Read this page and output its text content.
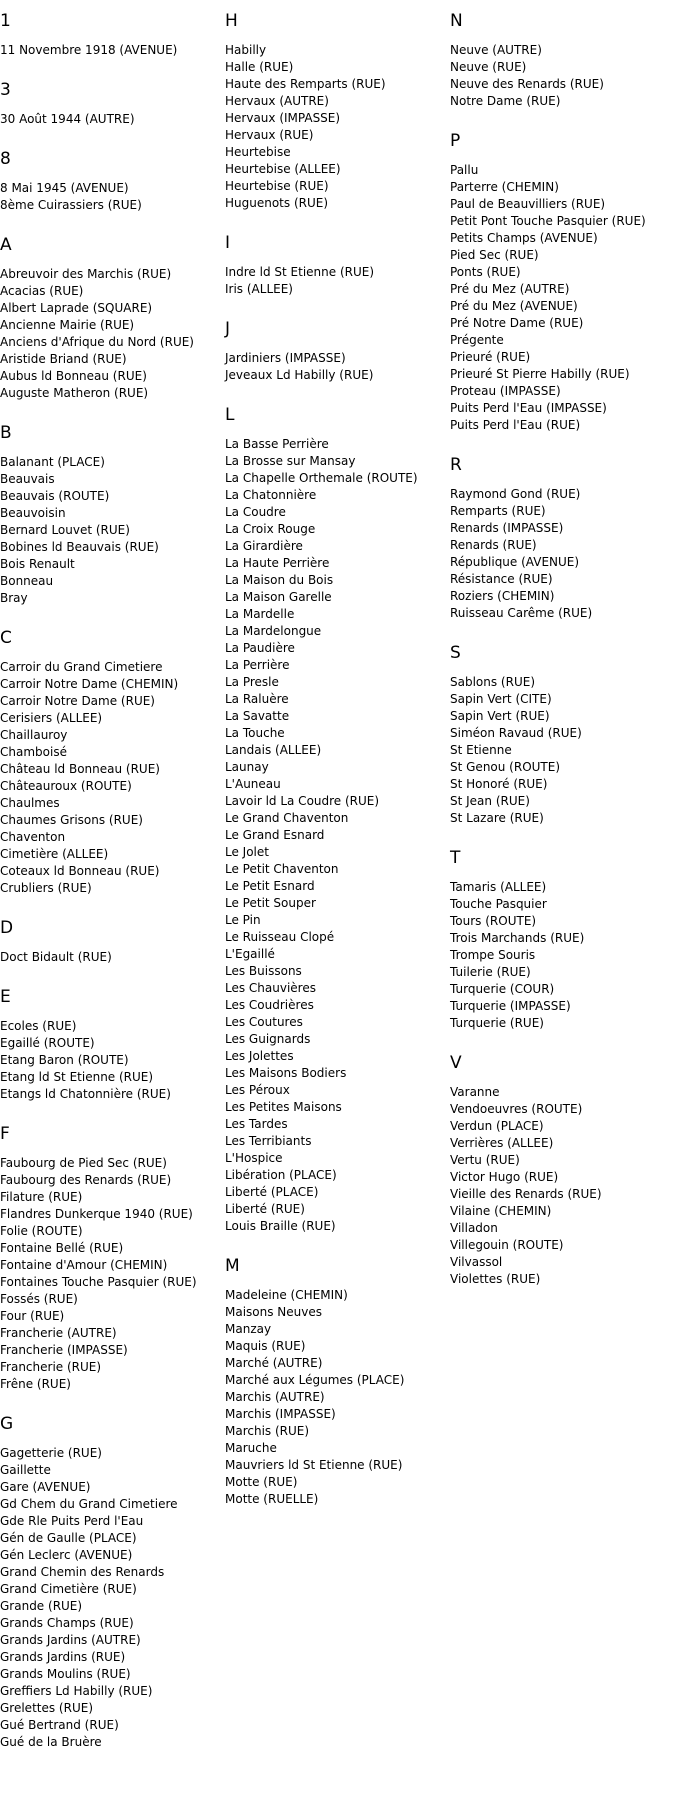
1
11 Novembre 1918 (AVENUE)
3
30 Août 1944 (AUTRE)
8
8 Mai 1945 (AVENUE)
8ème Cuirassiers (RUE)
A
Abreuvoir des Marchis (RUE)
Acacias (RUE)
Albert Laprade (SQUARE)
Ancienne Mairie (RUE)
Anciens d'Afrique du Nord (RUE)
Aristide Briand (RUE)
Aubus ld Bonneau (RUE)
Auguste Matheron (RUE)
B
Balanant (PLACE)
Beauvais
Beauvais (ROUTE)
Beauvoisin
Bernard Louvet (RUE)
Bobines ld Beauvais (RUE)
Bois Renault
Bonneau
Bray
C
Carroir du Grand Cimetiere
Carroir Notre Dame (CHEMIN)
Carroir Notre Dame (RUE)
Cerisiers (ALLEE)
Chaillauroy
Chamboisé
Château ld Bonneau (RUE)
Châteauroux (ROUTE)
Chaulmes
Chaumes Grisons (RUE)
Chaventon
Cimetière (ALLEE)
Coteaux ld Bonneau (RUE)
Crubliers (RUE)
D
Doct Bidault (RUE)
E
Ecoles (RUE)
Egaillé (ROUTE)
Etang Baron (ROUTE)
Etang ld St Etienne (RUE)
Etangs ld Chatonnière (RUE)
F
Faubourg de Pied Sec (RUE)
Faubourg des Renards (RUE)
Filature (RUE)
Flandres Dunkerque 1940 (RUE)
Folie (ROUTE)
Fontaine Bellé (RUE)
Fontaine d'Amour (CHEMIN)
Fontaines Touche Pasquier (RUE)
Fossés (RUE)
Four (RUE)
Francherie (AUTRE)
Francherie (IMPASSE)
Francherie (RUE)
Frêne (RUE)
G
Gagetterie (RUE)
Gaillette
Gare (AVENUE)
Gd Chem du Grand Cimetiere
Gde Rle Puits Perd l'Eau
Gén de Gaulle (PLACE)
Gén Leclerc (AVENUE)
Grand Chemin des Renards
Grand Cimetière (RUE)
Grande (RUE)
Grands Champs (RUE)
Grands Jardins (AUTRE)
Grands Jardins (RUE)
Grands Moulins (RUE)
Greffiers Ld Habilly (RUE)
Grelettes (RUE)
Gué Bertrand (RUE)
Gué de la Bruère
H
Habilly
Halle (RUE)
Haute des Remparts (RUE)
Hervaux (AUTRE)
Hervaux (IMPASSE)
Hervaux (RUE)
Heurtebise
Heurtebise (ALLEE)
Heurtebise (RUE)
Huguenots (RUE)
I
Indre ld St Etienne (RUE)
Iris (ALLEE)
J
Jardiniers (IMPASSE)
Jeveaux Ld Habilly (RUE)
L
La Basse Perrière
La Brosse sur Mansay
La Chapelle Orthemale (ROUTE)
La Chatonnière
La Coudre
La Croix Rouge
La Girardière
La Haute Perrière
La Maison du Bois
La Maison Garelle
La Mardelle
La Mardelongue
La Paudière
La Perrière
La Presle
La Raluère
La Savatte
La Touche
Landais (ALLEE)
Launay
L'Auneau
Lavoir ld La Coudre (RUE)
Le Grand Chaventon
Le Grand Esnard
Le Jolet
Le Petit Chaventon
Le Petit Esnard
Le Petit Souper
Le Pin
Le Ruisseau Clopé
L'Egaillé
Les Buissons
Les Chauvières
Les Coudrières
Les Coutures
Les Guignards
Les Jolettes
Les Maisons Bodiers
Les Péroux
Les Petites Maisons
Les Tardes
Les Terribiants
L'Hospice
Libération (PLACE)
Liberté (PLACE)
Liberté (RUE)
Louis Braille (RUE)
M
Madeleine (CHEMIN)
Maisons Neuves
Manzay
Maquis (RUE)
Marché (AUTRE)
Marché aux Légumes (PLACE)
Marchis (AUTRE)
Marchis (IMPASSE)
Marchis (RUE)
Maruche
Mauvriers ld St Etienne (RUE)
Motte (RUE)
Motte (RUELLE)
N
Neuve (AUTRE)
Neuve (RUE)
Neuve des Renards (RUE)
Notre Dame (RUE)
P
Pallu
Parterre (CHEMIN)
Paul de Beauvilliers (RUE)
Petit Pont Touche Pasquier (RUE)
Petits Champs (AVENUE)
Pied Sec (RUE)
Ponts (RUE)
Pré du Mez (AUTRE)
Pré du Mez (AVENUE)
Pré Notre Dame (RUE)
Prégente
Prieuré (RUE)
Prieuré St Pierre Habilly (RUE)
Proteau (IMPASSE)
Puits Perd l'Eau (IMPASSE)
Puits Perd l'Eau (RUE)
R
Raymond Gond (RUE)
Remparts (RUE)
Renards (IMPASSE)
Renards (RUE)
République (AVENUE)
Résistance (RUE)
Roziers (CHEMIN)
Ruisseau Carême (RUE)
S
Sablons (RUE)
Sapin Vert (CITE)
Sapin Vert (RUE)
Siméon Ravaud (RUE)
St Etienne
St Genou (ROUTE)
St Honoré (RUE)
St Jean (RUE)
St Lazare (RUE)
T
Tamaris (ALLEE)
Touche Pasquier
Tours (ROUTE)
Trois Marchands (RUE)
Trompe Souris
Tuilerie (RUE)
Turquerie (COUR)
Turquerie (IMPASSE)
Turquerie (RUE)
V
Varanne
Vendoeuvres (ROUTE)
Verdun (PLACE)
Verrières (ALLEE)
Vertu (RUE)
Victor Hugo (RUE)
Vieille des Renards (RUE)
Vilaine (CHEMIN)
Villadon
Villegouin (ROUTE)
Vilvassol
Violettes (RUE)
